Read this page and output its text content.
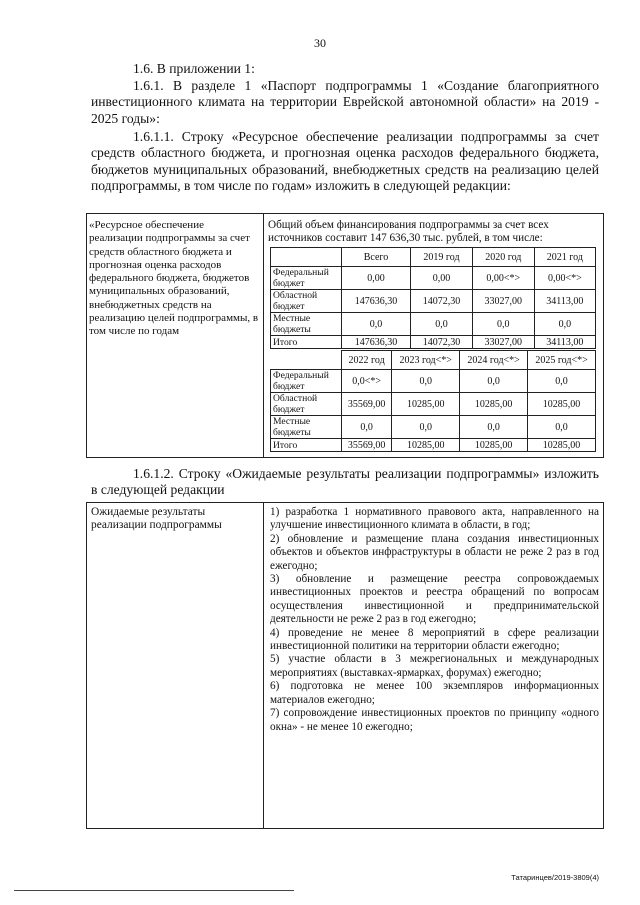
30
1.6. В приложении 1:
1.6.1. В разделе 1 «Паспорт подпрограммы 1 «Создание благоприятного инвестиционного климата на территории Еврейской автономной области» на 2019 - 2025 годы»:
1.6.1.1. Строку «Ресурсное обеспечение реализации подпрограммы за счет средств областного бюджета, и прогнозная оценка расходов федерального бюджета, бюджетов муниципальных образований, внебюджетных средств на реализацию целей подпрограммы, в том числе по годам» изложить в следующей редакции:
«Ресурсное обеспечение реализации подпрограммы за счет средств областного бюджета и прогнозная оценка расходов федерального бюджета, бюджетов муниципальных образований, внебюджетных средств на реализацию целей подпрограммы, в том числе по годам
Общий объем финансирования подпрограммы за счет всех источников составит 147 636,30 тыс. рублей, в том числе:
	Всего	2019 год	2020 год	2021 год
Федеральный бюджет	0,00	0,00	0,00<*>	0,00<*>
Областной бюджет	147636,30	14072,30	33027,00	34113,00
Местные бюджеты	0,0	0,0	0,0	0,0
Итого	147636,30	14072,30	33027,00	34113,00
	2022 год	2023 год<*>	2024 год<*>	2025 год<*>
Федеральный бюджет	0,0<*>	0,0	0,0	0,0
Областной бюджет	35569,00	10285,00	10285,00	10285,00
Местные бюджеты	0,0	0,0	0,0	0,0
Итого	35569,00	10285,00	10285,00	10285,00
1.6.1.2. Строку «Ожидаемые результаты реализации подпрограммы» изложить в следующей редакции
Ожидаемые результаты реализации подпрограммы

1) разработка 1 нормативного правового акта, направленного на улучшение инвестиционного климата в области, в год;

2) обновление и размещение плана создания инвестиционных объектов и объектов инфраструктуры в области не реже 2 раз в год ежегодно;

3) обновление и размещение реестра сопровождаемых инвестиционных проектов и реестра обращений по вопросам осуществления инвестиционной и предпринимательской деятельности не реже 2 раз в год ежегодно;

4) проведение не менее 8 мероприятий в сфере реализации инвестиционной политики на территории области ежегодно;

5) участие области в 3 межрегиональных и международных мероприятиях (выставках-ярмарках, форумах) ежегодно;

6) подготовка не менее 100 экземпляров информационных материалов ежегодно;

7) сопровождение инвестиционных проектов по принципу «одного окна» - не менее 10 ежегодно;

Татаринцев/2019-3809(4)
